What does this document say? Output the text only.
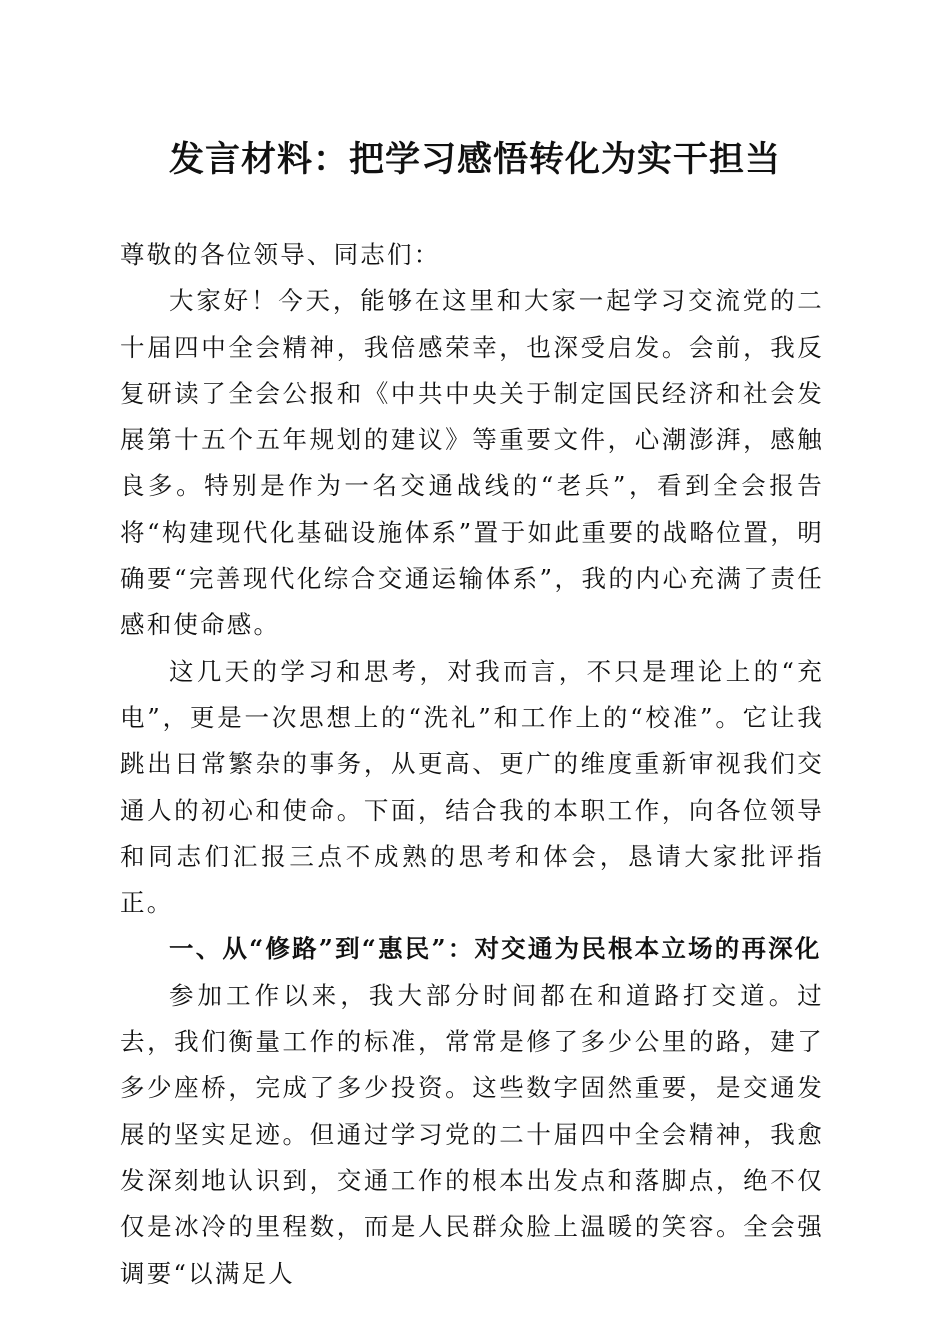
发言材料：把学习感悟转化为实干担当

尊敬的各位领导、同志们：

大家好！今天，能够在这里和大家一起学习交流党的二十届四中全会精神，我倍感荣幸，也深受启发。会前，我反复研读了全会公报和《中共中央关于制定国民经济和社会发展第十五个五年规划的建议》等重要文件，心潮澎湃，感触良多。特别是作为一名交通战线的“老兵”，看到全会报告将“构建现代化基础设施体系”置于如此重要的战略位置，明确要“完善现代化综合交通运输体系”，我的内心充满了责任感和使命感。

这几天的学习和思考，对我而言，不只是理论上的“充电”，更是一次思想上的“洗礼”和工作上的“校准”。它让我跳出日常繁杂的事务，从更高、更广的维度重新审视我们交通人的初心和使命。下面，结合我的本职工作，向各位领导和同志们汇报三点不成熟的思考和体会，恳请大家批评指正。

一、从“修路”到“惠民”：对交通为民根本立场的再深化

参加工作以来，我大部分时间都在和道路打交道。过去，我们衡量工作的标准，常常是修了多少公里的路，建了多少座桥，完成了多少投资。这些数字固然重要，是交通发展的坚实足迹。但通过学习党的二十届四中全会精神，我愈发深刻地认识到，交通工作的根本出发点和落脚点，绝不仅仅是冰冷的里程数，而是人民群众脸上温暖的笑容。全会强调要“以满足人
